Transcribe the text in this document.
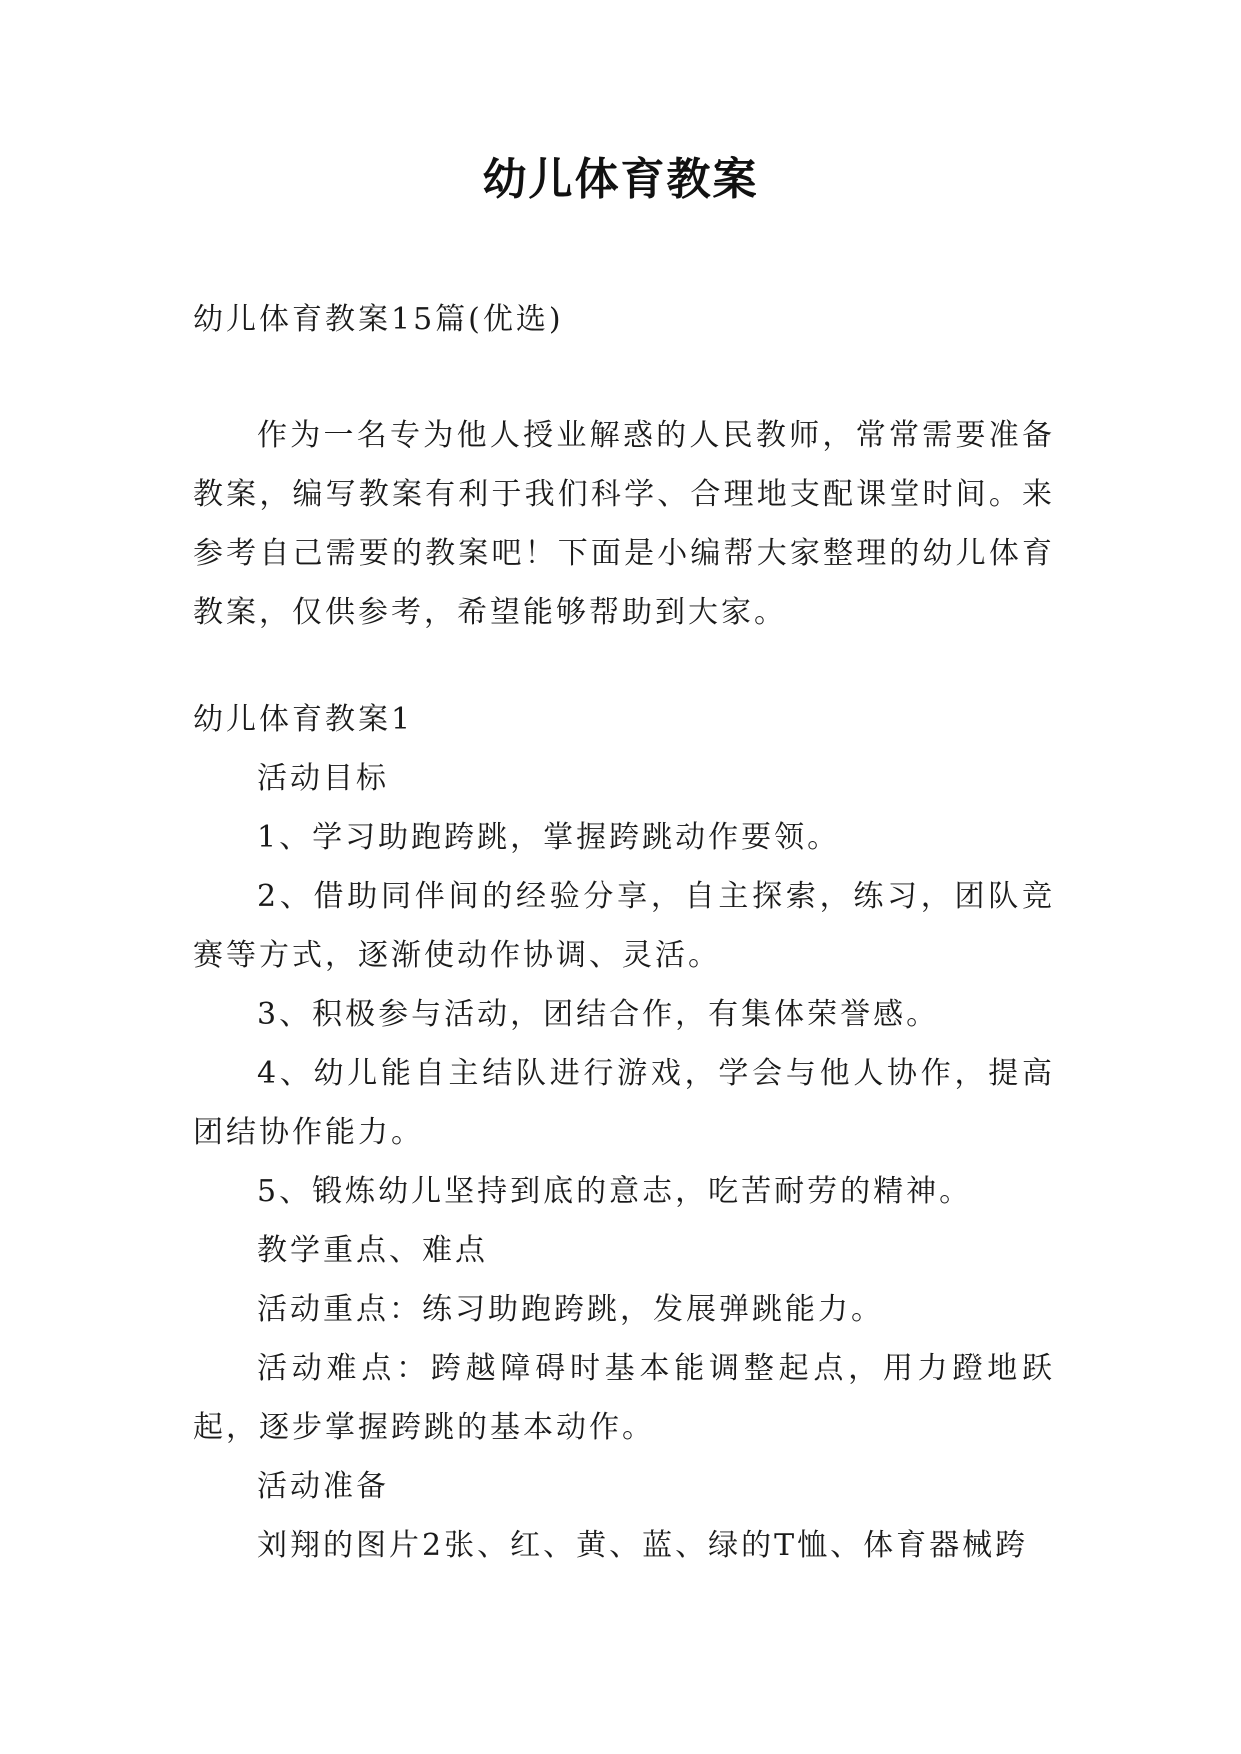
幼儿体育教案

幼儿体育教案15篇(优选)

作为一名专为他人授业解惑的人民教师，常常需要准备教案，编写教案有利于我们科学、合理地支配课堂时间。来参考自己需要的教案吧！下面是小编帮大家整理的幼儿体育教案，仅供参考，希望能够帮助到大家。

幼儿体育教案1

活动目标

1、学习助跑跨跳，掌握跨跳动作要领。

2、借助同伴间的经验分享，自主探索，练习，团队竞赛等方式，逐渐使动作协调、灵活。

3、积极参与活动，团结合作，有集体荣誉感。

4、幼儿能自主结队进行游戏，学会与他人协作，提高团结协作能力。

5、锻炼幼儿坚持到底的意志，吃苦耐劳的精神。

教学重点、难点

活动重点：练习助跑跨跳，发展弹跳能力。

活动难点：跨越障碍时基本能调整起点，用力蹬地跃起，逐步掌握跨跳的基本动作。

活动准备

刘翔的图片2张、红、黄、蓝、绿的T恤、体育器械跨
